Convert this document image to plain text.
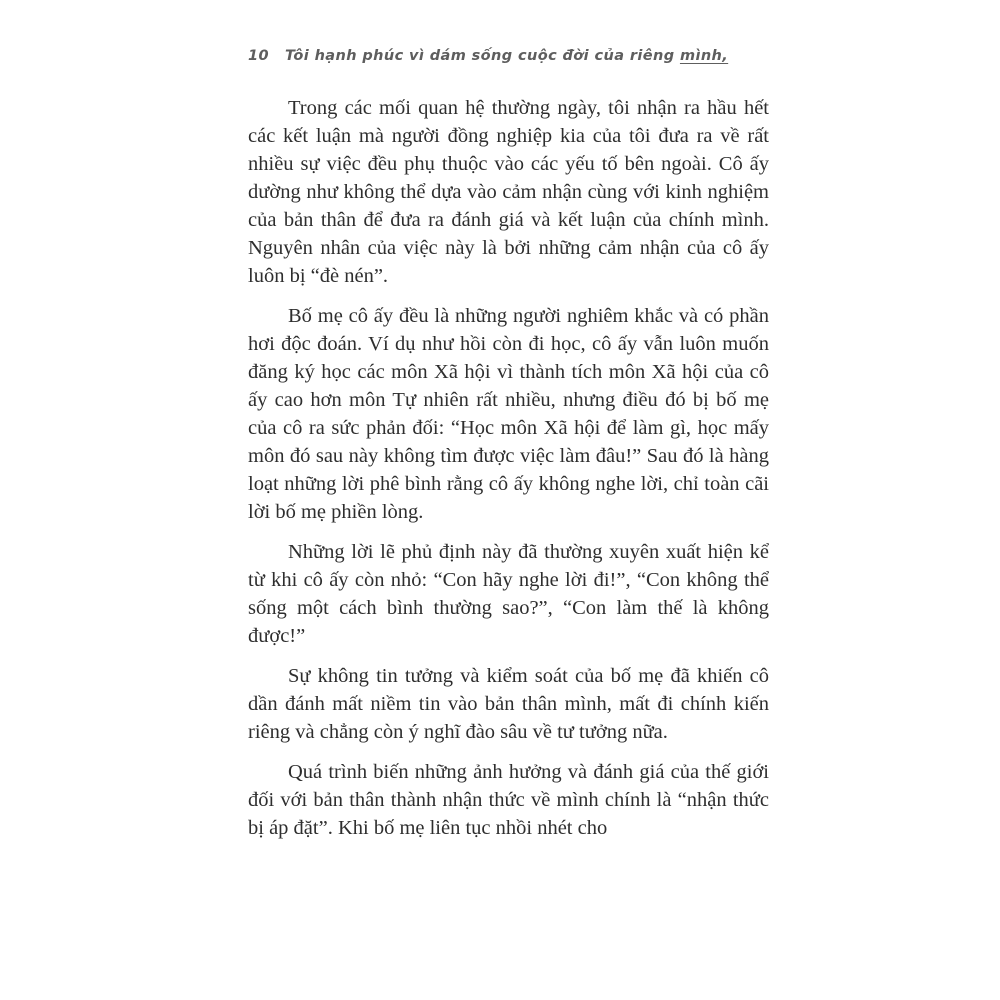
10 Tôi hạnh phúc vì dám sống cuộc đời của riêng mình,

Trong các mối quan hệ thường ngày, tôi nhận ra hầu hết các kết luận mà người đồng nghiệp kia của tôi đưa ra về rất nhiều sự việc đều phụ thuộc vào các yếu tố bên ngoài. Cô ấy dường như không thể dựa vào cảm nhận cùng với kinh nghiệm của bản thân để đưa ra đánh giá và kết luận của chính mình. Nguyên nhân của việc này là bởi những cảm nhận của cô ấy luôn bị “đè nén”.

Bố mẹ cô ấy đều là những người nghiêm khắc và có phần hơi độc đoán. Ví dụ như hồi còn đi học, cô ấy vẫn luôn muốn đăng ký học các môn Xã hội vì thành tích môn Xã hội của cô ấy cao hơn môn Tự nhiên rất nhiều, nhưng điều đó bị bố mẹ của cô ra sức phản đối: “Học môn Xã hội để làm gì, học mấy môn đó sau này không tìm được việc làm đâu!” Sau đó là hàng loạt những lời phê bình rằng cô ấy không nghe lời, chỉ toàn cãi lời bố mẹ phiền lòng.

Những lời lẽ phủ định này đã thường xuyên xuất hiện kể từ khi cô ấy còn nhỏ: “Con hãy nghe lời đi!”, “Con không thể sống một cách bình thường sao?”, “Con làm thế là không được!”

Sự không tin tưởng và kiểm soát của bố mẹ đã khiến cô dần đánh mất niềm tin vào bản thân mình, mất đi chính kiến riêng và chẳng còn ý nghĩ đào sâu về tư tưởng nữa.

Quá trình biến những ảnh hưởng và đánh giá của thế giới đối với bản thân thành nhận thức về mình chính là “nhận thức bị áp đặt”. Khi bố mẹ liên tục nhồi nhét cho
